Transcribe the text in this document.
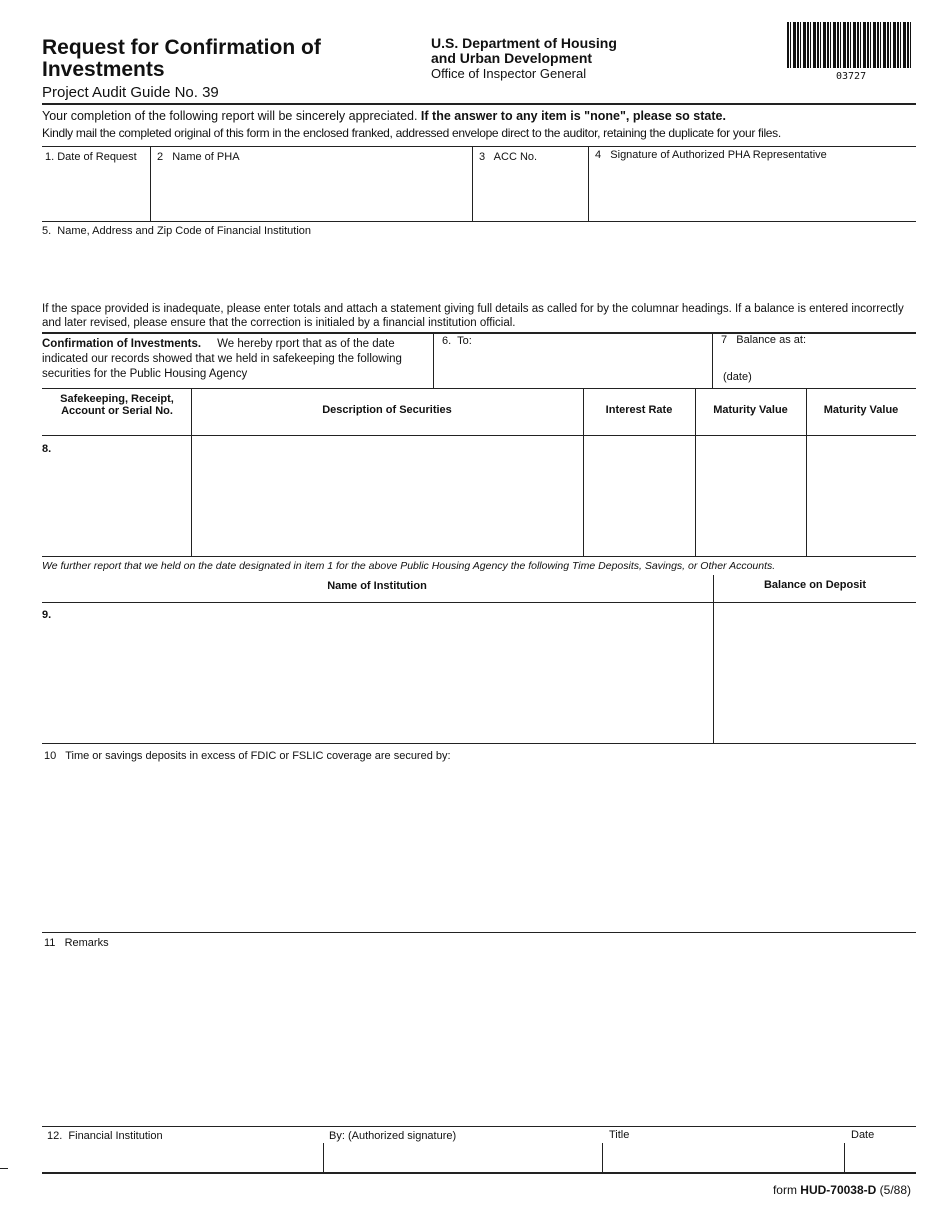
Request for Confirmation of
Investments
Project Audit Guide No. 39
U.S. Department of Housing
and Urban Development
Office of Inspector General	03727
Your completion of the following report will be sincerely appreciated. If the answer to any item is "none", please so state.
Kindly mail the completed original of this form in the enclosed franked, addressed envelope direct to the auditor, retaining the duplicate for your files.
1. Date of Request 2   Name of PHA	3   ACC No.	4   Signature of Authorized PHA Representative
5.  Name, Address and Zip Code of Financial Institution
If the space provided is inadequate, please enter totals and attach a statement giving full details as called for by the columnar headings. If a balance is entered incorrectly and later revised, please ensure that the correction is initialed by a financial institution official.
Confirmation of Investments.     We hereby rport that as of the date indicated our records showed that we held in safekeeping the following securities for the Public Housing Agency
6.  To:	7   Balance as at:
(date)
Safekeeping, Receipt, Account or Serial No.	Description of Securities	Interest Rate	Maturity Value	Maturity Value
8.
We further report that we held on the date designated in item 1 for the above Public Housing Agency the following Time Deposits, Savings, or Other Accounts.
Name of Institution	Balance on Deposit
9.
10   Time or savings deposits in excess of FDIC or FSLIC coverage are secured by:
11   Remarks
12.  Financial Institution	By: (Authorized signature)	Title	Date
form HUD-70038-D (5/88)
